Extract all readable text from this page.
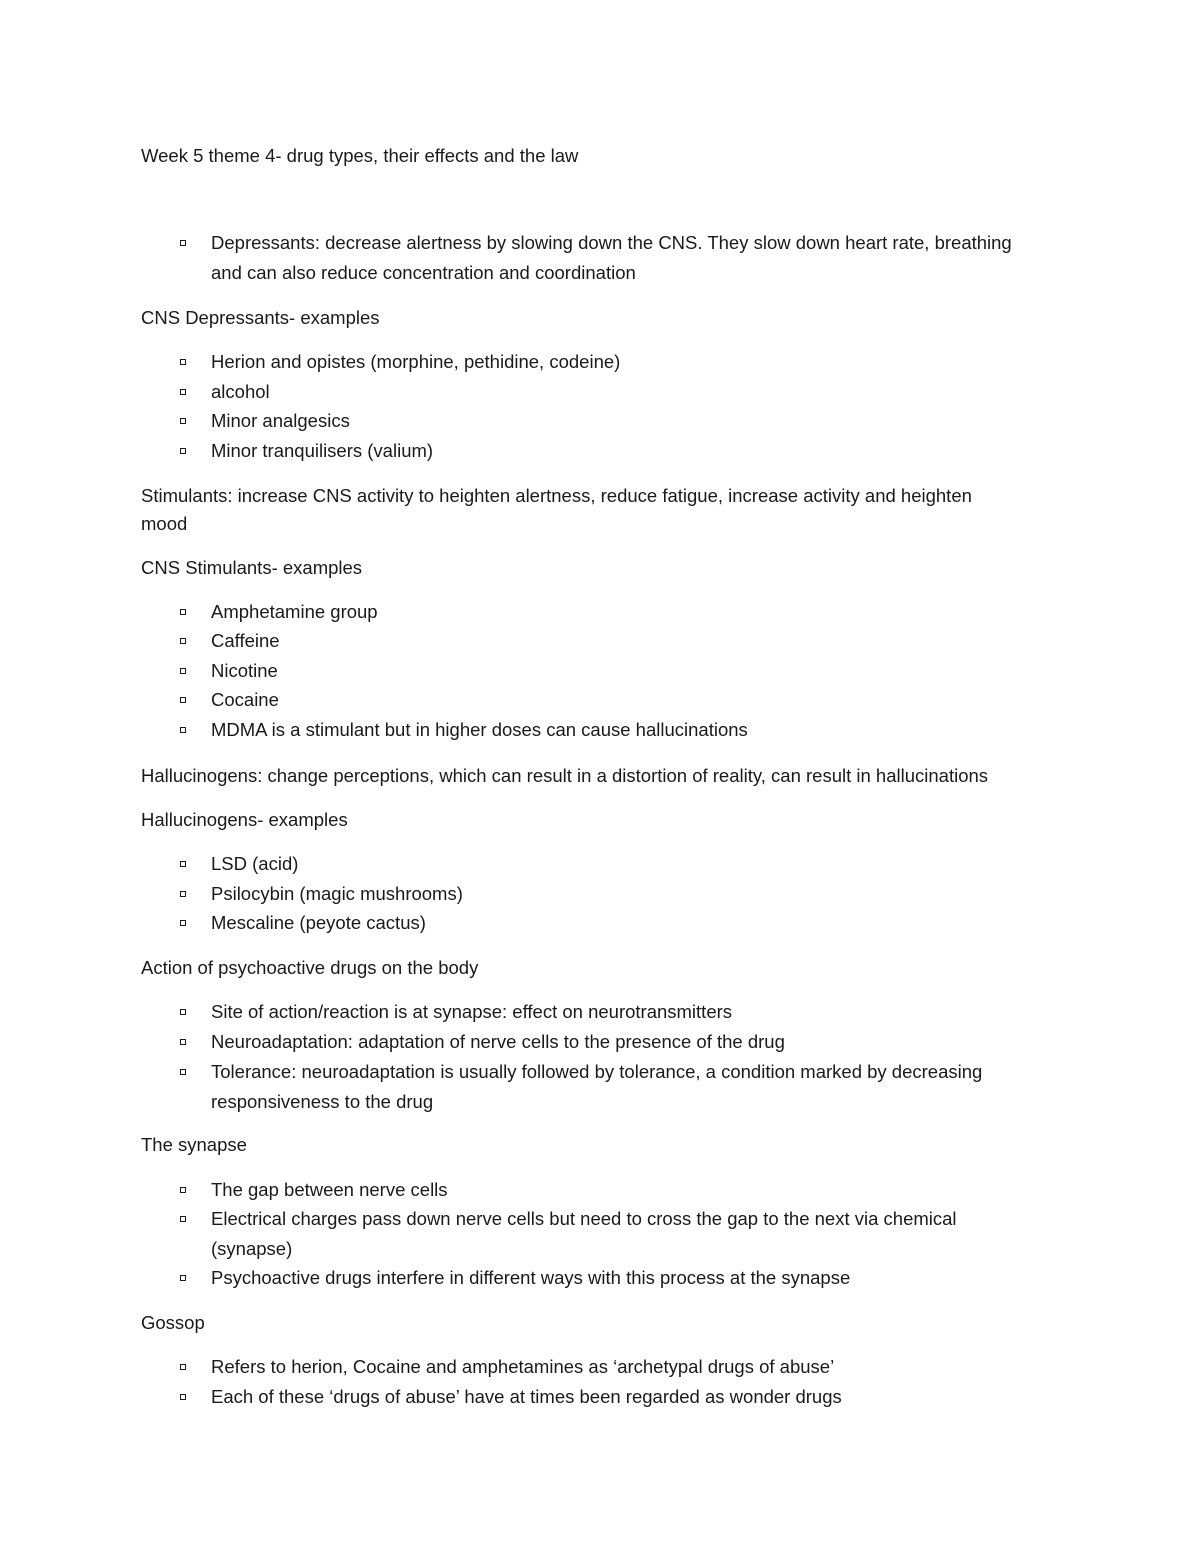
Week 5 theme 4- drug types, their effects and the law

Depressants: decrease alertness by slowing down the CNS. They slow down heart rate, breathing

and can also reduce concentration and coordination

CNS Depressants- examples

Herion and opistes (morphine, pethidine, codeine)

alcohol

Minor analgesics

Minor tranquilisers (valium)

Stimulants: increase CNS activity to heighten alertness, reduce fatigue, increase activity and heighten

mood

CNS Stimulants- examples

Amphetamine group

Caffeine

Nicotine

Cocaine

MDMA is a stimulant but in higher doses can cause hallucinations

Hallucinogens: change perceptions, which can result in a distortion of reality, can result in hallucinations

Hallucinogens- examples

LSD (acid)

Psilocybin (magic mushrooms)

Mescaline (peyote cactus)

Action of psychoactive drugs on the body

Site of action/reaction is at synapse: effect on neurotransmitters

Neuroadaptation: adaptation of nerve cells to the presence of the drug

Tolerance: neuroadaptation is usually followed by tolerance, a condition marked by decreasing

responsiveness to the drug

The synapse

The gap between nerve cells

Electrical charges pass down nerve cells but need to cross the gap to the next via chemical

(synapse)

Psychoactive drugs interfere in different ways with this process at the synapse

Gossop

Refers to herion, Cocaine and amphetamines as ‘archetypal drugs of abuse’

Each of these ‘drugs of abuse’ have at times been regarded as wonder drugs
